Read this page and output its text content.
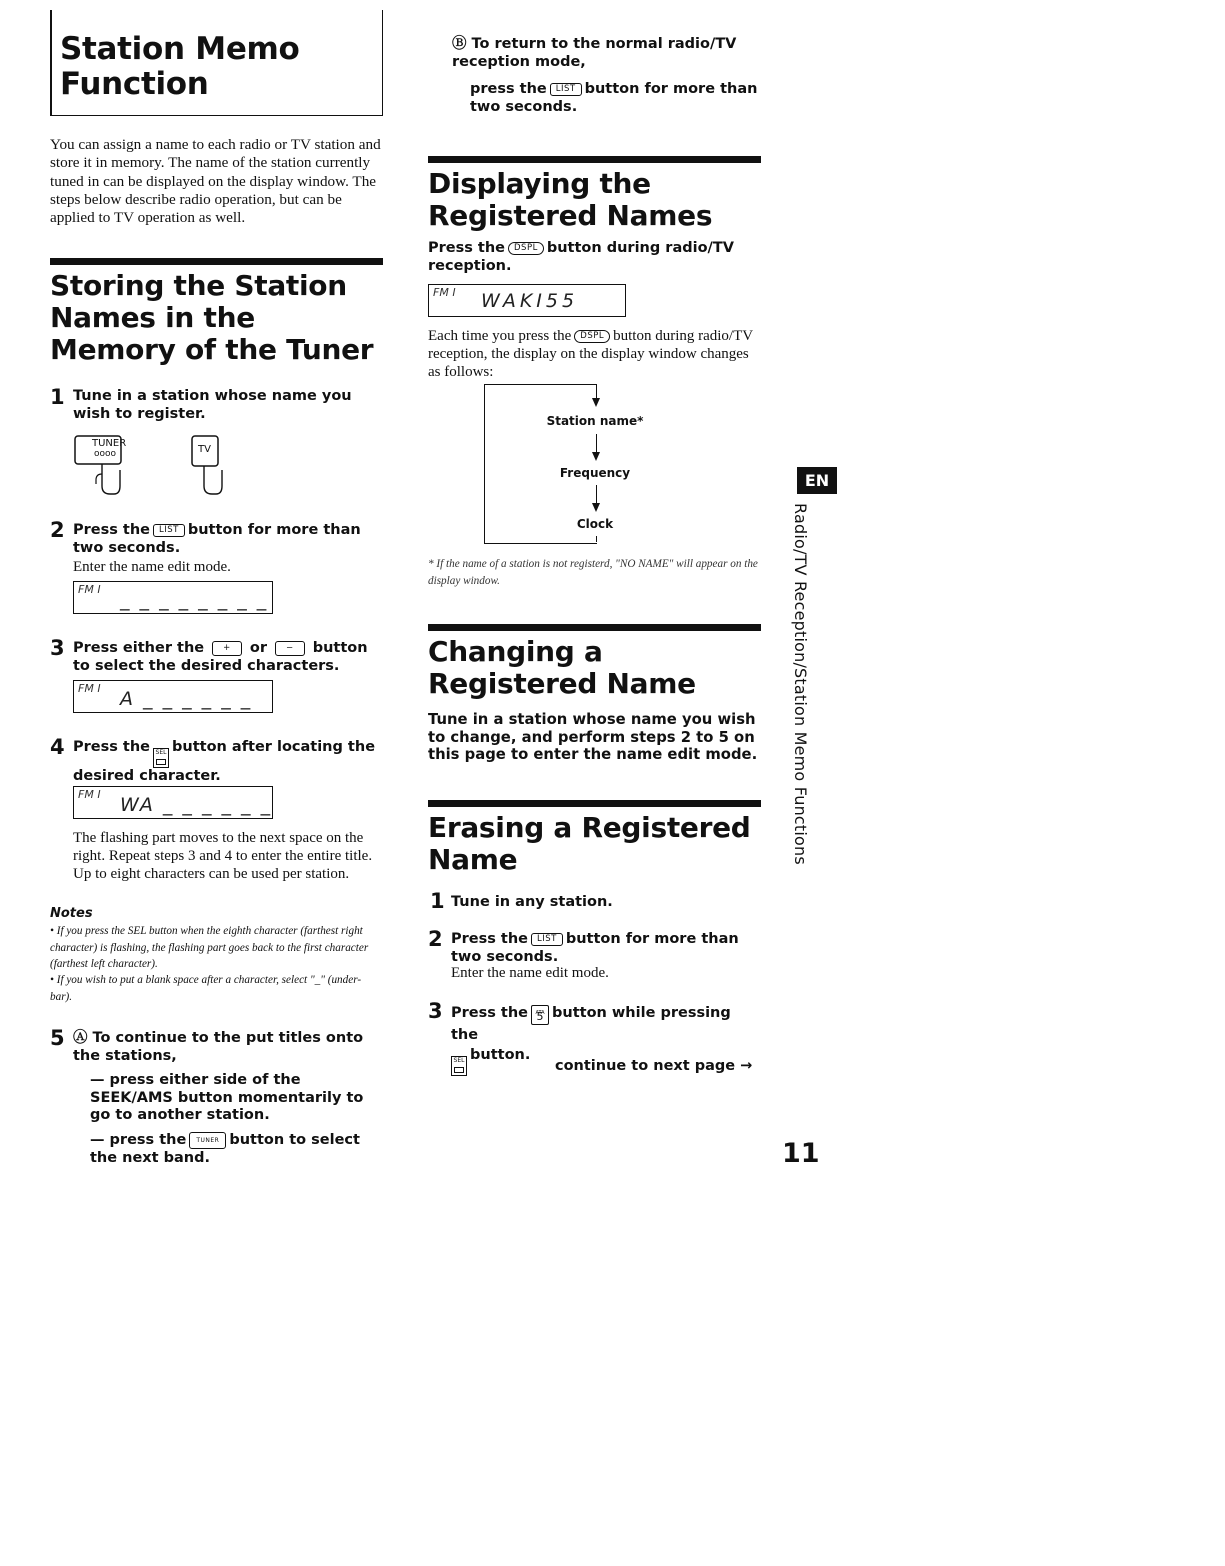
Station Memo Function
You can assign a name to each radio or TV station and store it in memory. The name of the station currently tuned in can be displayed on the display window. The steps below describe radio operation, but can be applied to TV operation as well.
Storing the Station Names in the Memory of the Tuner
1 Tune in a station whose name you wish to register.
TUNER
oooo	TV
2 Press the LIST button for more than two seconds.
Enter the name edit mode.
FM I _ _ _ _ _ _ _ _
3 Press either the + or − button to select the desired characters.
FM I A _ _ _ _ _ _
4 Press the SEL button after locating the desired character.
FM I WA _ _ _ _ _ _
The flashing part moves to the next space on the right. Repeat steps 3 and 4 to enter the entire title. Up to eight characters can be used per station.
Notes
• If you press the SEL button when the eighth character (farthest right character) is flashing, the flashing part goes back to the first character (farthest left character).
• If you wish to put a blank space after a character, select "_" (under-bar).
5 Ⓐ To continue to the put titles onto the stations,
— press either side of the SEEK/AMS button momentarily to go to another station.
— press the TUNER button to select the next band.
Ⓑ To return to the normal radio/TV reception mode,
press the LIST button for more than two seconds.
Displaying the Registered Names
Press the DSPL button during radio/TV reception.
FM I WAKI55
Each time you press the DSPL button during radio/TV reception, the display on the display window changes as follows:
Station name*
Frequency
Clock
* If the name of a station is not registerd, "NO NAME" will appear on the display window.
Changing a Registered Name
Tune in a station whose name you wish to change, and perform steps 2 to 5 on this page to enter the name edit mode.
Erasing a Registered Name
1 Tune in any station.
2 Press the LIST button for more than two seconds.
Enter the name edit mode.
3 Press theATA 5 button while pressing the
SEL button.
continue to next page →
EN
Radio/TV Reception/Station Memo Functions
11
